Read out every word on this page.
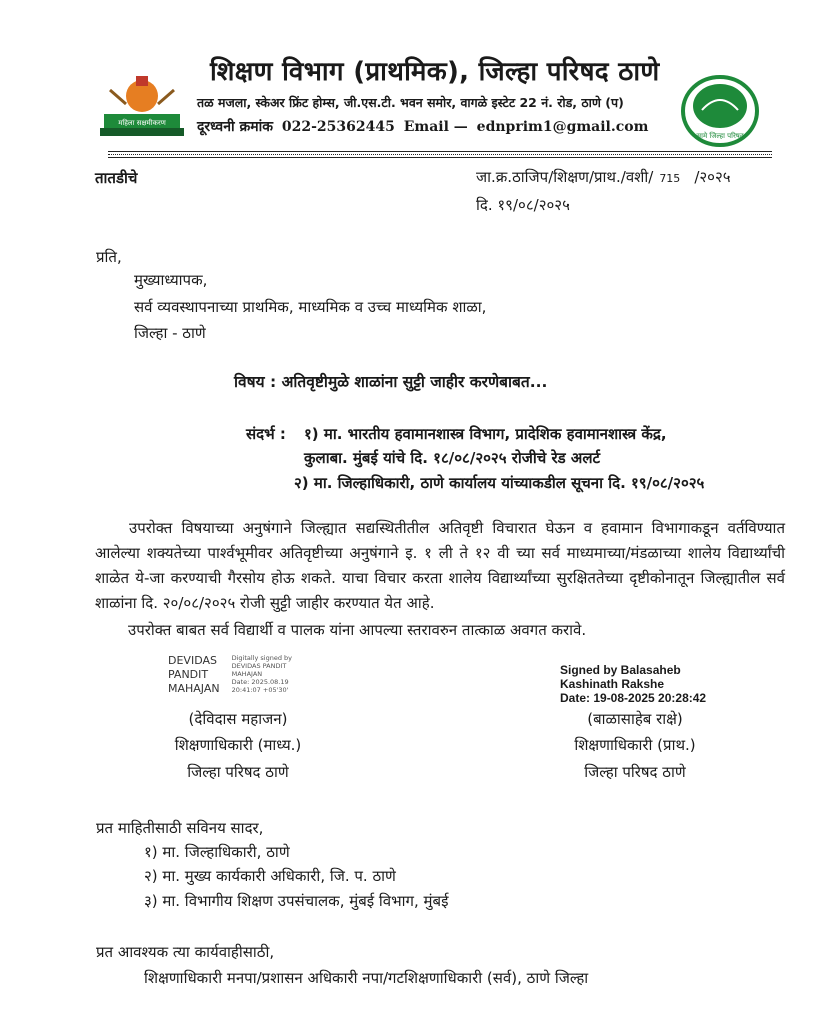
महिला सक्षमीकरण
सामे जिल्हा परिषद
शिक्षण विभाग (प्राथमिक), जिल्हा परिषद ठाणे
तळ मजला, स्केअर फ्रिंट होम्स, जी.एस.टी. भवन समोर, वागळे इस्टेट 22 नं. रोड, ठाणे (प)
दूरध्वनी क्रमांक 022-25362445 Email — ednprim1@gmail.com
तातडीचे	जा.क्र.ठाजिप/शिक्षण/प्राथ./वशी/ 715 /२०२५
दि. १९/०८/२०२५
प्रति,
मुख्याध्यापक,
सर्व व्यवस्थापनाच्या प्राथमिक, माध्यमिक व उच्च माध्यमिक शाळा,
जिल्हा - ठाणे
विषय : अतिवृष्टीमुळे शाळांना सुट्टी जाहीर करणेबाबत...
संदर्भ : १) मा. भारतीय हवामानशास्त्र विभाग, प्रादेशिक हवामानशास्त्र केंद्र,
कुलाबा. मुंबई यांचे दि. १८/०८/२०२५ रोजीचे रेड अलर्ट
२) मा. जिल्हाधिकारी, ठाणे कार्यालय यांच्याकडील सूचना दि. १९/०८/२०२५

उपरोक्त विषयाच्या अनुषंगाने जिल्ह्यात सद्यस्थितीतील अतिवृष्टी विचारात घेऊन व हवामान विभागाकडून वर्तविण्यात आलेल्या शक्यतेच्या पार्श्वभूमीवर अतिवृष्टीच्या अनुषंगाने इ. १ ली ते १२ वी च्या सर्व माध्यमाच्या/मंडळाच्या शालेय विद्यार्थ्यांची शाळेत ये-जा करण्याची गैरसोय होऊ शकते. याचा विचार करता शालेय विद्यार्थ्यांच्या सुरक्षिततेच्या दृष्टीकोनातून जिल्ह्यातील सर्व शाळांना दि. २०/०८/२०२५ रोजी सुट्टी जाहीर करण्यात येत आहे.

उपरोक्त बाबत सर्व विद्यार्थी व पालक यांना आपल्या स्तरावरुन तात्काळ अवगत करावे.
DEVIDAS
PANDIT
MAHAJAN
Digitally signed by
DEVIDAS PANDIT
MAHAJAN
Date: 2025.08.19
20:41:07 +05'30'
Signed by Balasaheb
Kashinath Rakshe
Date: 19-08-2025 20:28:42
(देविदास महाजन)
शिक्षणाधिकारी (माध्य.)
जिल्हा परिषद ठाणे
(बाळासाहेब राक्षे)
शिक्षणाधिकारी (प्राथ.)
जिल्हा परिषद ठाणे
प्रत माहितीसाठी सविनय सादर,
१) मा. जिल्हाधिकारी, ठाणे
२) मा. मुख्य कार्यकारी अधिकारी, जि. प. ठाणे
३) मा. विभागीय शिक्षण उपसंचालक, मुंबई विभाग, मुंबई
प्रत आवश्यक त्या कार्यवाहीसाठी,
शिक्षणाधिकारी मनपा/प्रशासन अधिकारी नपा/गटशिक्षणाधिकारी (सर्व), ठाणे जिल्हा
